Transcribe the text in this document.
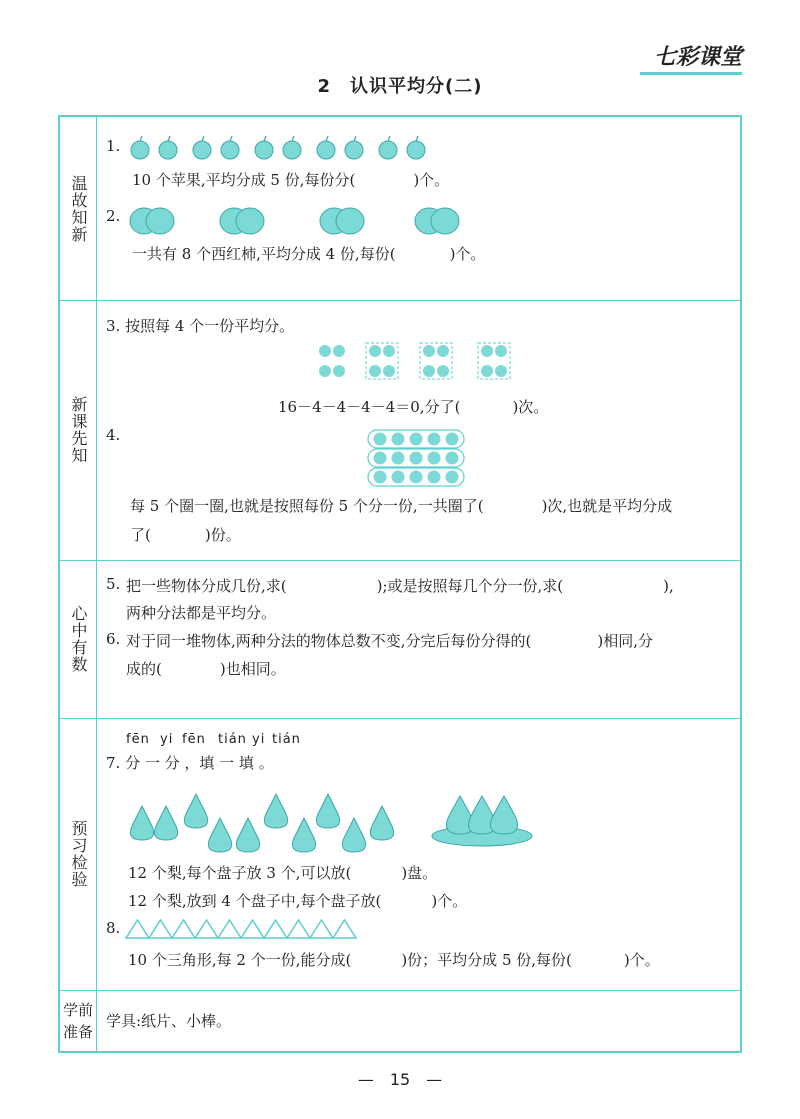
七彩课堂
2　认识平均分(二)
温故知新
1.
10 个苹果,平均分成 5 份,每份分(	)个。
2.
一共有 8 个西红柿,平均分成 4 份,每份(	)个。
新课先知
3. 按照每 4 个一份平均分。
16－4－4－4－4＝0,分了(	)次。
4.
每 5 个圈一圈,也就是按照每份 5 个分一份,一共圈了(	)次,也就是平均分成
了(	)份。
心中有数
5. 把一些物体分成几份,求(	);或是按照每几个分一份,求(	),
两种分法都是平均分。
6. 对于同一堆物体,两种分法的物体总数不变,分完后每份分得的(	)相同,分
成的(	)也相同。
预习检验
fēn yi fēn tián yi tián
7. 分 一 分 ，填 一 填 。
12 个梨,每个盘子放 3 个,可以放(	)盘。
12 个梨,放到 4 个盘子中,每个盘子放(	)个。
8.
10 个三角形,每 2 个一份,能分成(	)份；平均分成 5 份,每份(	)个。
学前准备
学具:纸片、小棒。
—　15　—
